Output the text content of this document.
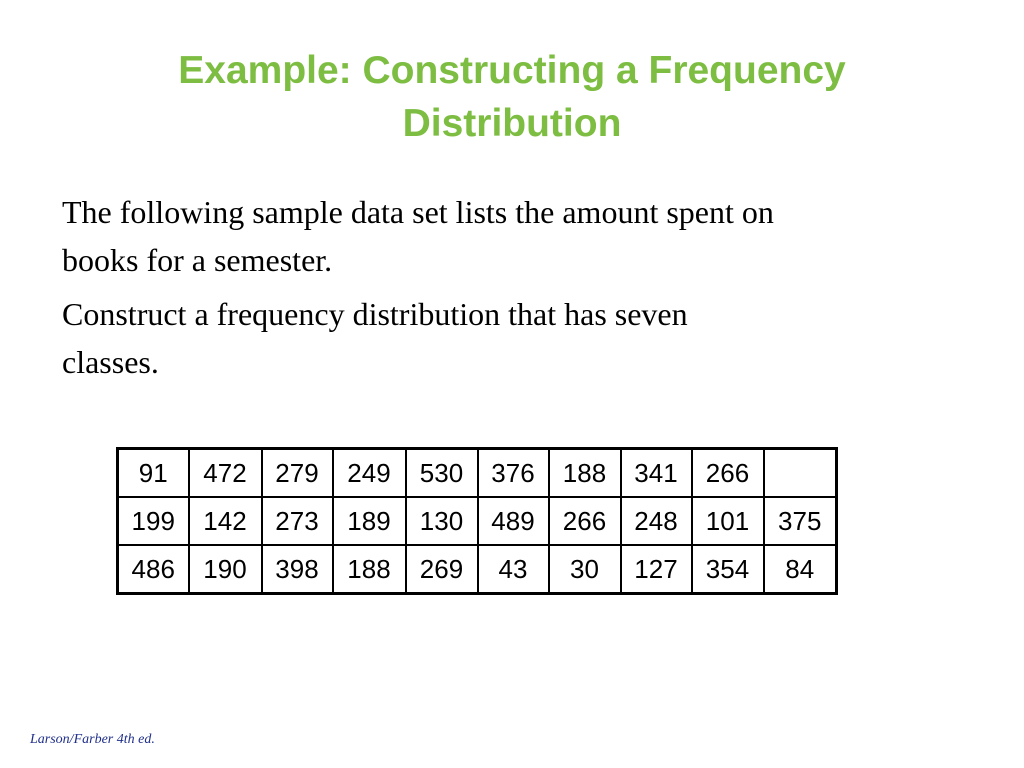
Example: Constructing a Frequency
Distribution

The following sample data set lists the amount spent on
books for a semester.

Construct a frequency distribution that has seven
classes.

91	472	279	249	530	376	188	341	266	
199	142	273	189	130	489	266	248	101	375
486	190	398	188	269	43	30	127	354	84
Larson/Farber 4th ed.
